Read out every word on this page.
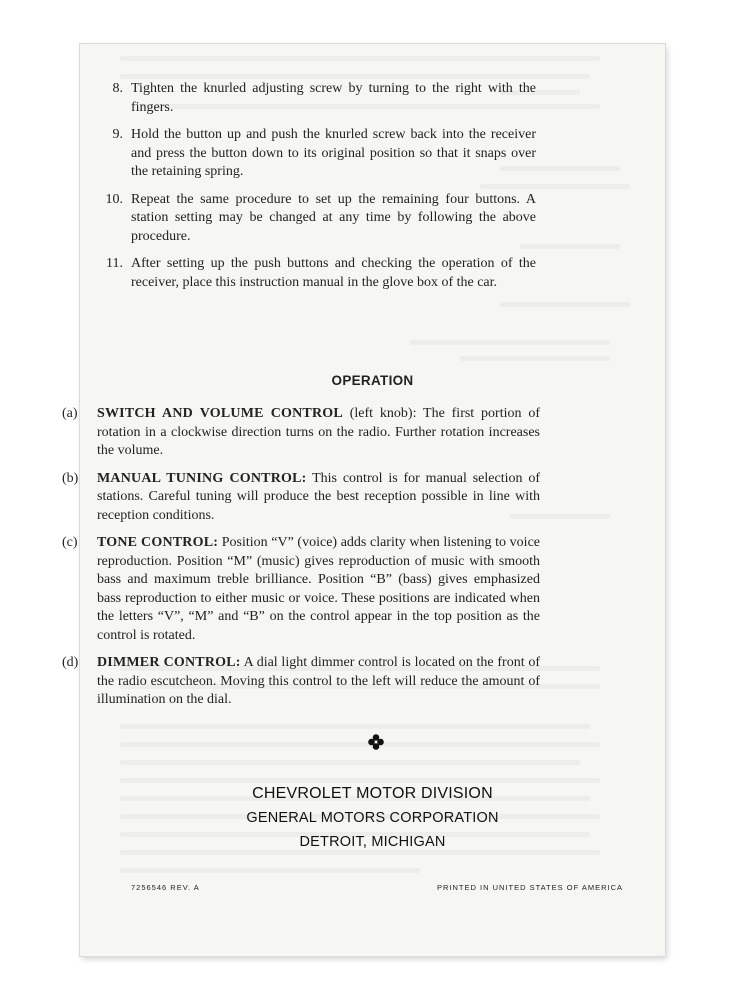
8. Tighten the knurled adjusting screw by turning to the right with the fingers.
9. Hold the button up and push the knurled screw back into the receiver and press the button down to its original position so that it snaps over the retaining spring.
10. Repeat the same procedure to set up the remaining four buttons. A station setting may be changed at any time by following the above procedure.
11. After setting up the push buttons and checking the operation of the receiver, place this instruction manual in the glove box of the car.
OPERATION
(a)	SWITCH AND VOLUME CONTROL (left knob): The first portion of rotation in a clockwise direction turns on the radio. Further rotation increases the volume.
(b)	MANUAL TUNING CONTROL: This control is for manual selection of stations. Careful tuning will produce the best reception possible in line with reception conditions.
(c)	TONE CONTROL: Position “V” (voice) adds clarity when listening to voice reproduction. Position “M” (music) gives reproduction of music with smooth bass and maximum treble brilliance. Position “B” (bass) gives emphasized bass reproduction to either music or voice. These positions are indicated when the letters “V”, “M” and “B” on the control appear in the top position as the control is rotated.
(d)	DIMMER CONTROL: A dial light dimmer control is located on the front of the radio escutcheon. Moving this control to the left will reduce the amount of illumination on the dial.
CHEVROLET MOTOR DIVISION
GENERAL MOTORS CORPORATION
DETROIT, MICHIGAN
7256546 REV. A	PRINTED IN UNITED STATES OF AMERICA
